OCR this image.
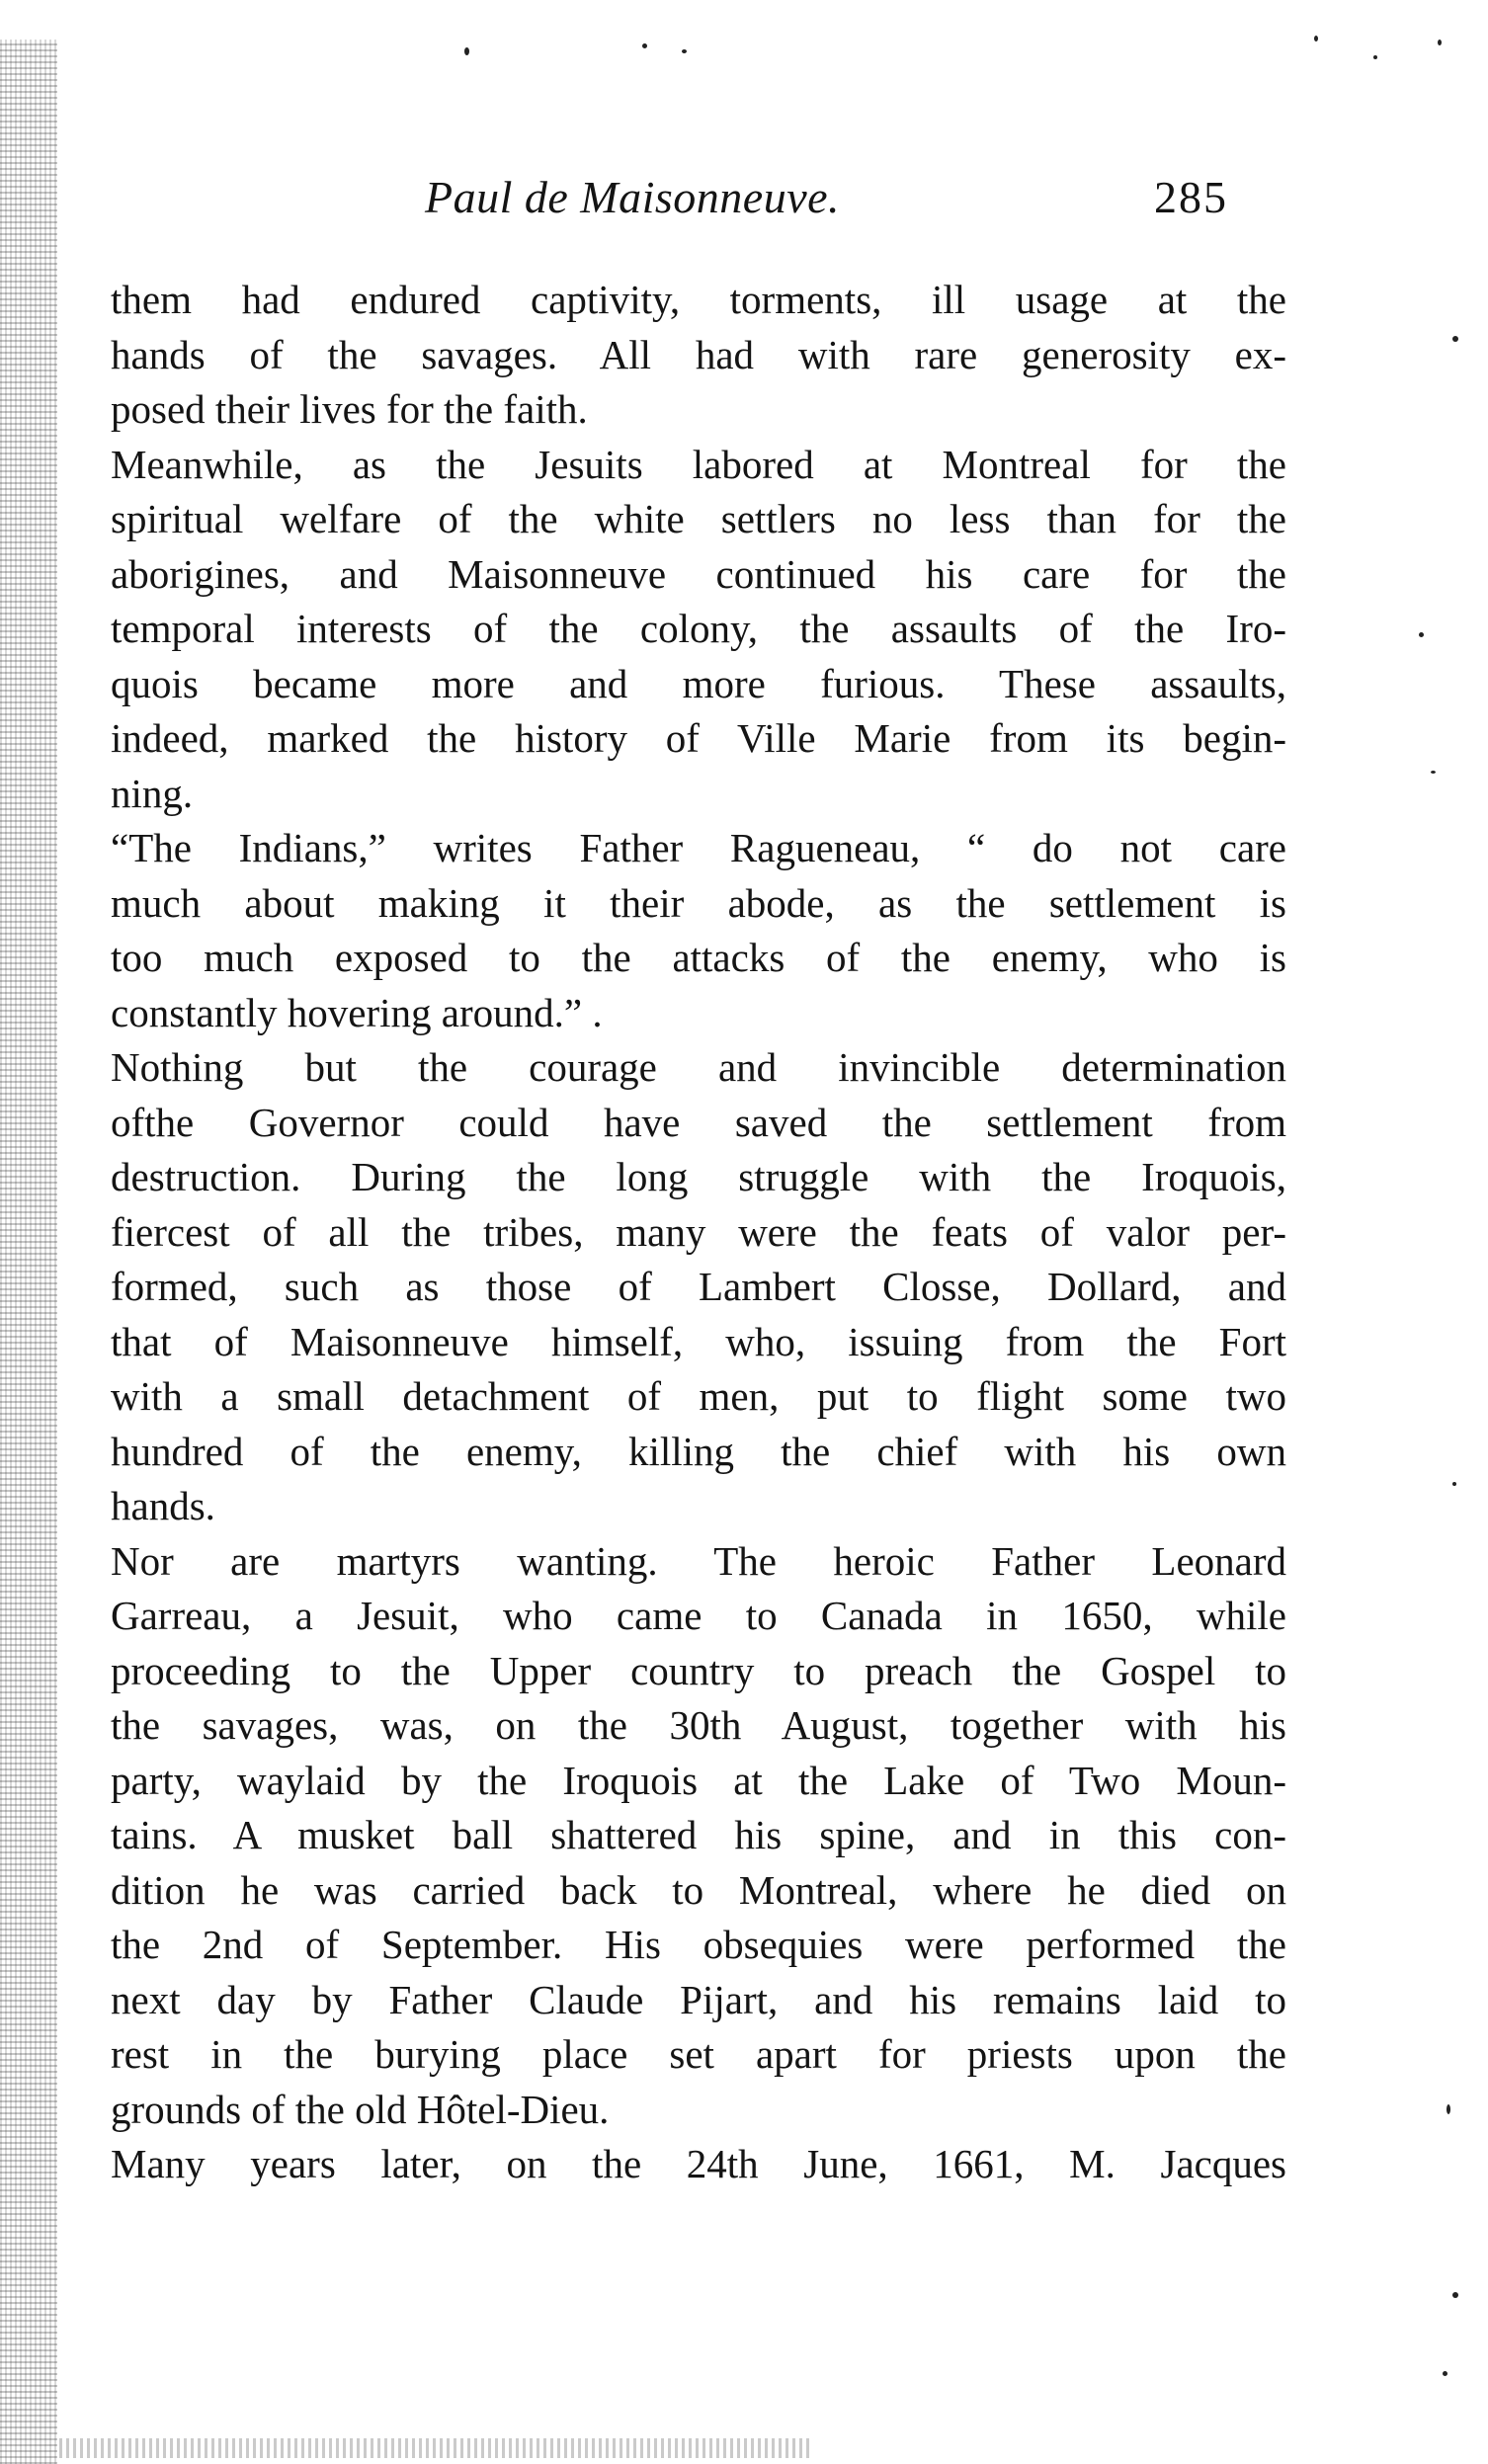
Paul de Maisonneuve.	285
them had endured captivity, torments, ill usage at the
hands of the savages. All had with rare generosity ex-
posed their lives for the faith.
Meanwhile, as the Jesuits labored at Montreal for the
spiritual welfare of the white settlers no less than for the
aborigines, and Maisonneuve continued his care for the
temporal interests of the colony, the assaults of the Iro-
quois became more and more furious. These assaults,
indeed, marked the history of Ville Marie from its begin-
ning.
“The Indians,” writes Father Ragueneau, “ do not care
much about making it their abode, as the settlement is
too much exposed to the attacks of the enemy, who is
constantly hovering around.” .
Nothing but the courage and invincible determination
ofthe Governor could have saved the settlement from
destruction. During the long struggle with the Iroquois,
fiercest of all the tribes, many were the feats of valor per-
formed, such as those of Lambert Closse, Dollard, and
that of Maisonneuve himself, who, issuing from the Fort
with a small detachment of men, put to flight some two
hundred of the enemy, killing the chief with his own
hands.
Nor are martyrs wanting. The heroic Father Leonard
Garreau, a Jesuit, who came to Canada in 1650, while
proceeding to the Upper country to preach the Gospel to
the savages, was, on the 30th August, together with his
party, waylaid by the Iroquois at the Lake of Two Moun-
tains. A musket ball shattered his spine, and in this con-
dition he was carried back to Montreal, where he died on
the 2nd of September. His obsequies were performed the
next day by Father Claude Pijart, and his remains laid to
rest in the burying place set apart for priests upon the
grounds of the old Hôtel-Dieu.
Many years later, on the 24th June, 1661, M. Jacques
